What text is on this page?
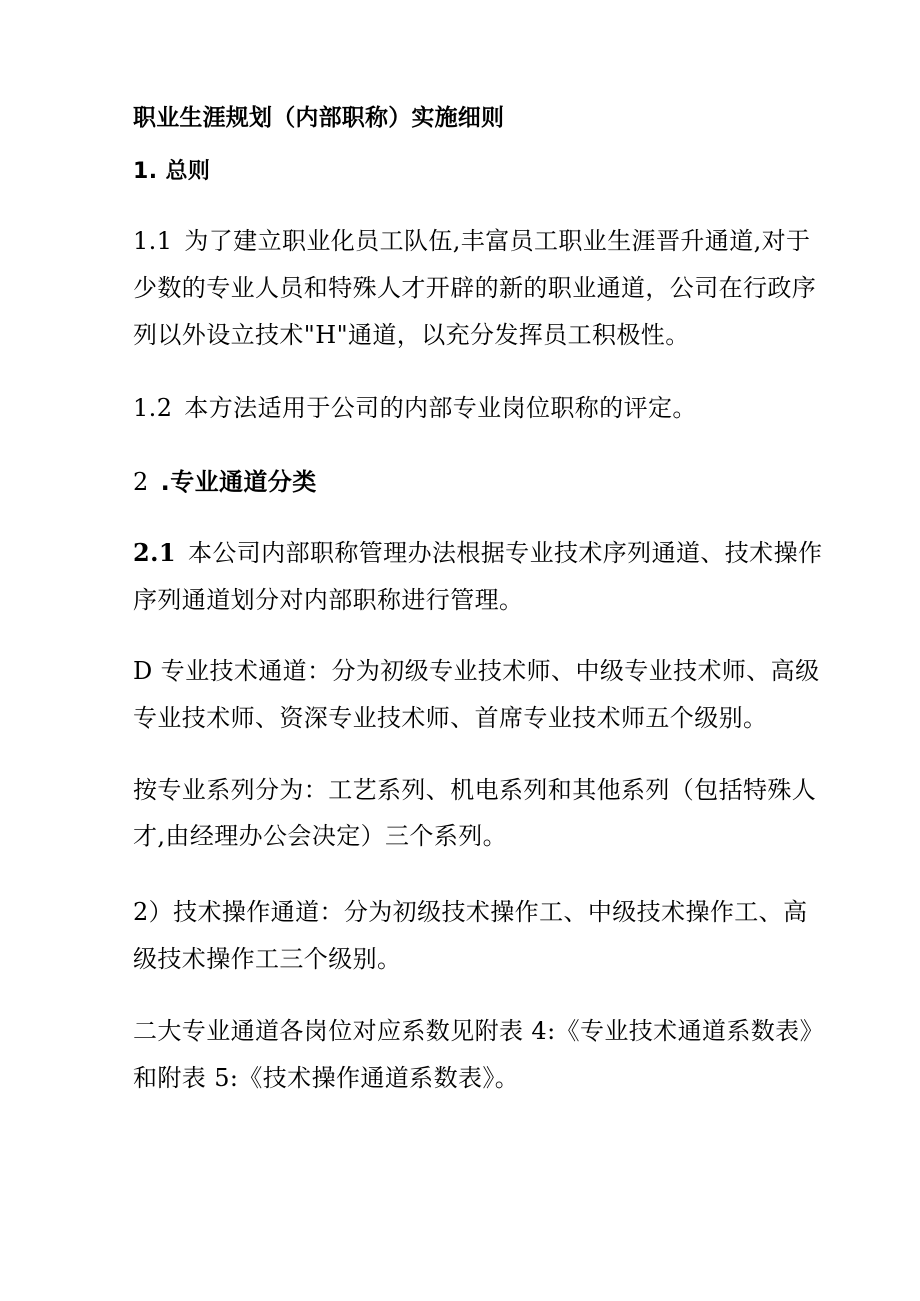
职业生涯规划（内部职称）实施细则
1. 总则
1.1 为了建立职业化员工队伍,丰富员工职业生涯晋升通道,对于
少数的专业人员和特殊人才开辟的新的职业通道，公司在行政序
列以外设立技术"H"通道，以充分发挥员工积极性。
1.2 本方法适用于公司的内部专业岗位职称的评定。
2 .专业通道分类
2.1 本公司内部职称管理办法根据专业技术序列通道、技术操作
序列通道划分对内部职称进行管理。
D 专业技术通道：分为初级专业技术师、中级专业技术师、高级
专业技术师、资深专业技术师、首席专业技术师五个级别。
按专业系列分为：工艺系列、机电系列和其他系列（包括特殊人
才,由经理办公会决定）三个系列。
2）技术操作通道：分为初级技术操作工、中级技术操作工、高
级技术操作工三个级别。
二大专业通道各岗位对应系数见附表 4:《专业技术通道系数表》
和附表 5:《技术操作通道系数表》。
